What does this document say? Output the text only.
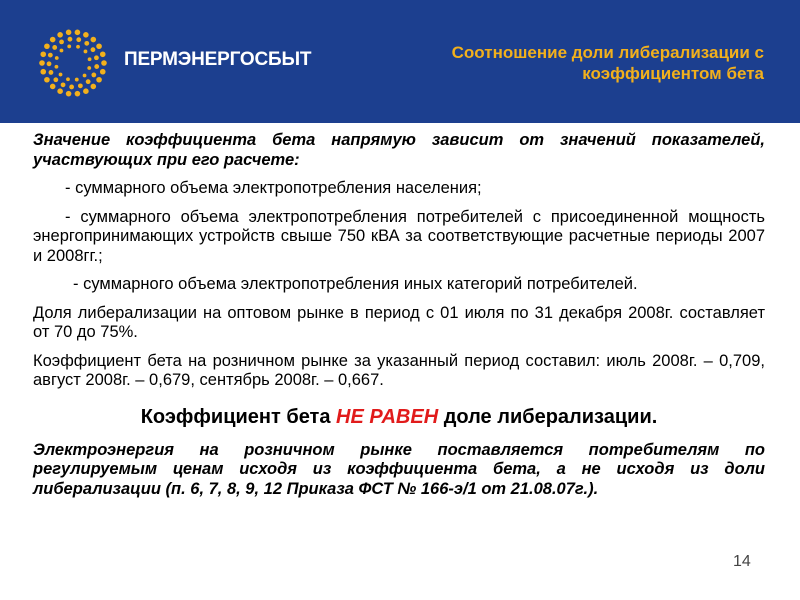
ПЕРМЭНЕРГОСБЫТ	Соотношение доли либерализации с коэффициентом бета

Значение коэффициента бета напрямую зависит от значений показателей, участвующих при его расчете:

- суммарного объема электропотребления населения;

- суммарного объема электропотребления потребителей с присоединенной мощность энергопринимающих устройств свыше 750 кВА за соответствующие расчетные периоды 2007 и 2008гг.;

- суммарного объема электропотребления иных категорий потребителей.

Доля либерализации на оптовом рынке в период с 01 июля по 31 декабря 2008г. составляет от 70 до 75%.

Коэффициент бета на розничном рынке за указанный период составил: июль 2008г. – 0,709, август 2008г. – 0,679, сентябрь 2008г. – 0,667.

Коэффициент бета НЕ РАВЕН доле либерализации.

Электроэнергия на розничном рынке поставляется потребителям по регулируемым ценам исходя из коэффициента бета, а не исходя из доли либерализации (п. 6, 7, 8, 9, 12 Приказа ФСТ № 166-э/1 от 21.08.07г.).

14
